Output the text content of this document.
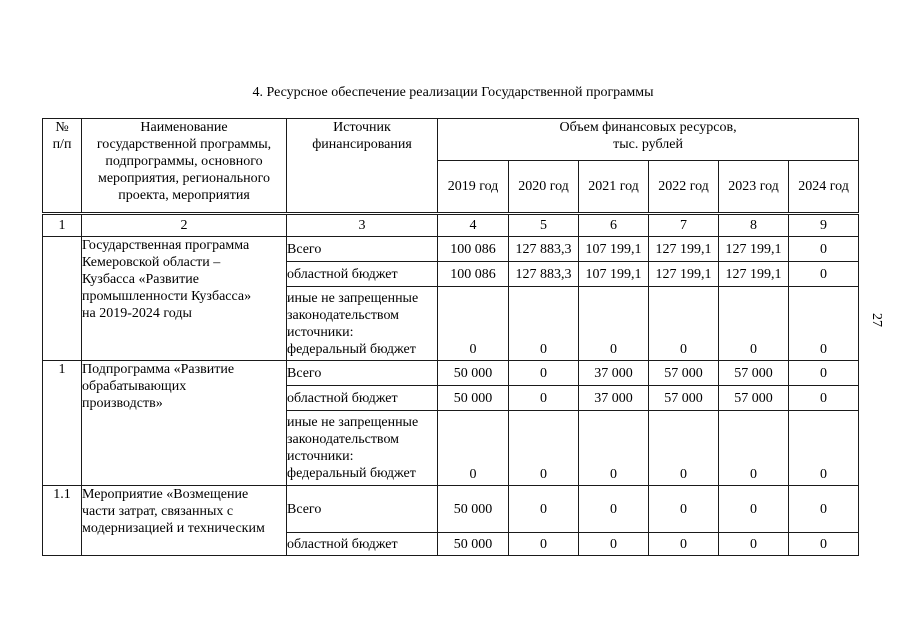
4. Ресурсное обеспечение реализации Государственной программы
27
№
п/п	Наименование
государственной программы,
подпрограммы, основного
мероприятия, регионального
проекта, мероприятия	Источник
финансирования	Объем финансовых ресурсов,
тыс. рублей					
			2019 год	2020 год	2021 год	2022 год	2023 год	2024 год
1	2	3	4	5	6	7	8	9
	Государственная программа
Кемеровской области –
Кузбасса «Развитие
промышленности Кузбасса»
на 2019-2024 годы	Всего	100 086	127 883,3	107 199,1	127 199,1	127 199,1	0
		областной бюджет	100 086	127 883,3	107 199,1	127 199,1	127 199,1	0
		иные не запрещенные
законодательством
источники:
федеральный бюджет	0	0	0	0	0	0
1	Подпрограмма «Развитие
обрабатывающих
производств»	Всего	50 000	0	37 000	57 000	57 000	0
		областной бюджет	50 000	0	37 000	57 000	57 000	0
		иные не запрещенные
законодательством
источники:
федеральный бюджет	0	0	0	0	0	0
1.1	Мероприятие «Возмещение
части затрат, связанных с
модернизацией и техническим	Всего	50 000	0	0	0	0	0
		областной бюджет	50 000	0	0	0	0	0
